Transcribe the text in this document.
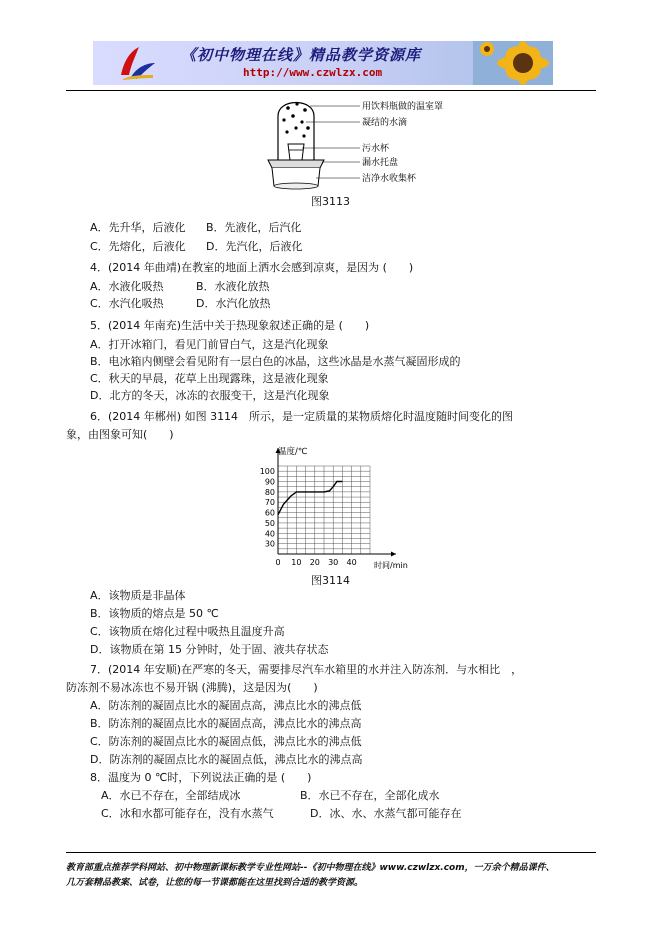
《初中物理在线》精品教学资源库
http://www.czwlzx.com
用饮料瓶做的温室罩
凝结的水滴
污水杯
漏水托盘
洁净水收集杯
图3113
A．先升华，后液化 B．先液化，后汽化
C．先熔化，后液化 D．先汽化，后液化
4．(2014 年曲靖)在教室的地面上洒水会感到凉爽，是因为 (　　)
A．水液化吸热	B．水液化放热
C．水汽化吸热	D．水汽化放热
5．(2014 年南充)生活中关于热现象叙述正确的是 (　　)
A．打开冰箱门，看见门前冒白气，这是汽化现象
B．电冰箱内侧壁会看见附有一层白色的冰晶，这些冰晶是水蒸气凝固形成的
C．秋天的早晨，花草上出现露珠，这是液化现象
D．北方的冬天，冰冻的衣服变干，这是汽化现象
6．(2014 年郴州) 如图 3114　所示，是一定质量的某物质熔化时温度随时间变化的图
象，由图象可知(　　)
0 10 20 30 40
30
40
50
60
70
80
90
100
温度/℃
时间/min
图3114
A．该物质是非晶体
B．该物质的熔点是 50 ℃
C．该物质在熔化过程中吸热且温度升高
D．该物质在第 15 分钟时，处于固、液共存状态
7．(2014 年安顺)在严寒的冬天，需要排尽汽车水箱里的水并注入防冻剂．与水相比　，
防冻剂不易冰冻也不易开锅 (沸腾)，这是因为(　　)
A．防冻剂的凝固点比水的凝固点高，沸点比水的沸点低
B．防冻剂的凝固点比水的凝固点高，沸点比水的沸点高
C．防冻剂的凝固点比水的凝固点低，沸点比水的沸点低
D．防冻剂的凝固点比水的凝固点低，沸点比水的沸点高
8．温度为 0 ℃时，下列说法正确的是 (　　)
A．水已不存在，全部结成冰	B．水已不存在，全部化成水
C．冰和水都可能存在，没有水蒸气	D．冰、水、水蒸气都可能存在
教育部重点推荐学科网站、初中物理新课标教学专业性网站--《初中物理在线》www.czwlzx.com，一万余个精品课件、
几万套精品教案、试卷，让您的每一节课都能在这里找到合适的教学资源。
